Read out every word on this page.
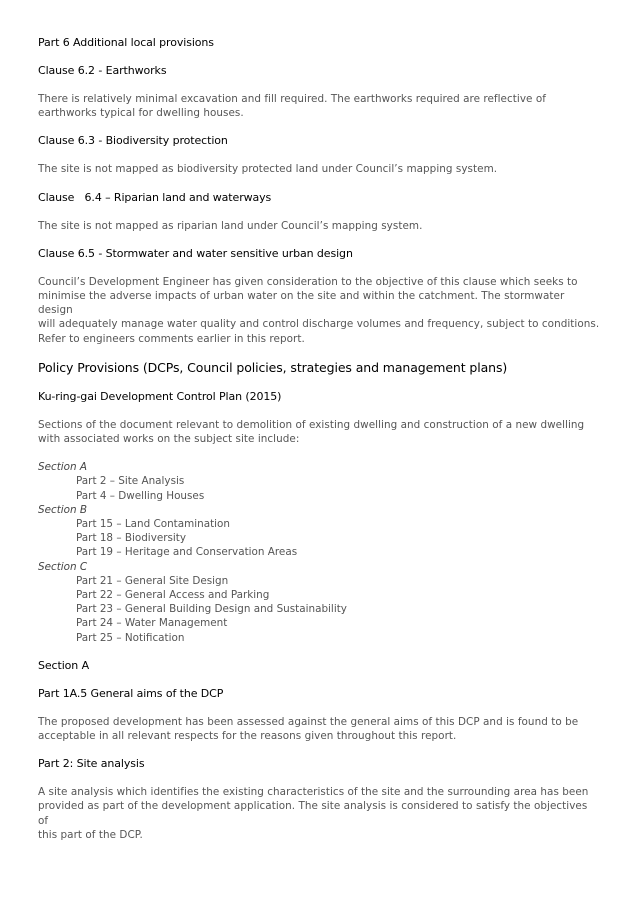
Part 6 Additional local provisions

Clause 6.2 - Earthworks

There is relatively minimal excavation and fill required. The earthworks required are reflective of

earthworks typical for dwelling houses.

Clause 6.3 - Biodiversity protection

The site is not mapped as biodiversity protected land under Council’s mapping system.

Clause   6.4 – Riparian land and waterways

The site is not mapped as riparian land under Council’s mapping system.

Clause 6.5 - Stormwater and water sensitive urban design

Council’s Development Engineer has given consideration to the objective of this clause which seeks to

minimise the adverse impacts of urban water on the site and within the catchment. The stormwater design

will adequately manage water quality and control discharge volumes and frequency, subject to conditions.

Refer to engineers comments earlier in this report.

Policy Provisions (DCPs, Council policies, strategies and management plans)

Ku-ring-gai Development Control Plan (2015)

Sections of the document relevant to demolition of existing dwelling and construction of a new dwelling

with associated works on the subject site include:

Section A

Part 2 – Site Analysis

Part 4 – Dwelling Houses

Section B

Part 15 – Land Contamination

Part 18 – Biodiversity

Part 19 – Heritage and Conservation Areas

Section C

Part 21 – General Site Design

Part 22 – General Access and Parking

Part 23 – General Building Design and Sustainability

Part 24 – Water Management

Part 25 – Notification

Section A

Part 1A.5 General aims of the DCP

The proposed development has been assessed against the general aims of this DCP and is found to be

acceptable in all relevant respects for the reasons given throughout this report.

Part 2: Site analysis

A site analysis which identifies the existing characteristics of the site and the surrounding area has been

provided as part of the development application. The site analysis is considered to satisfy the objectives of

this part of the DCP.
